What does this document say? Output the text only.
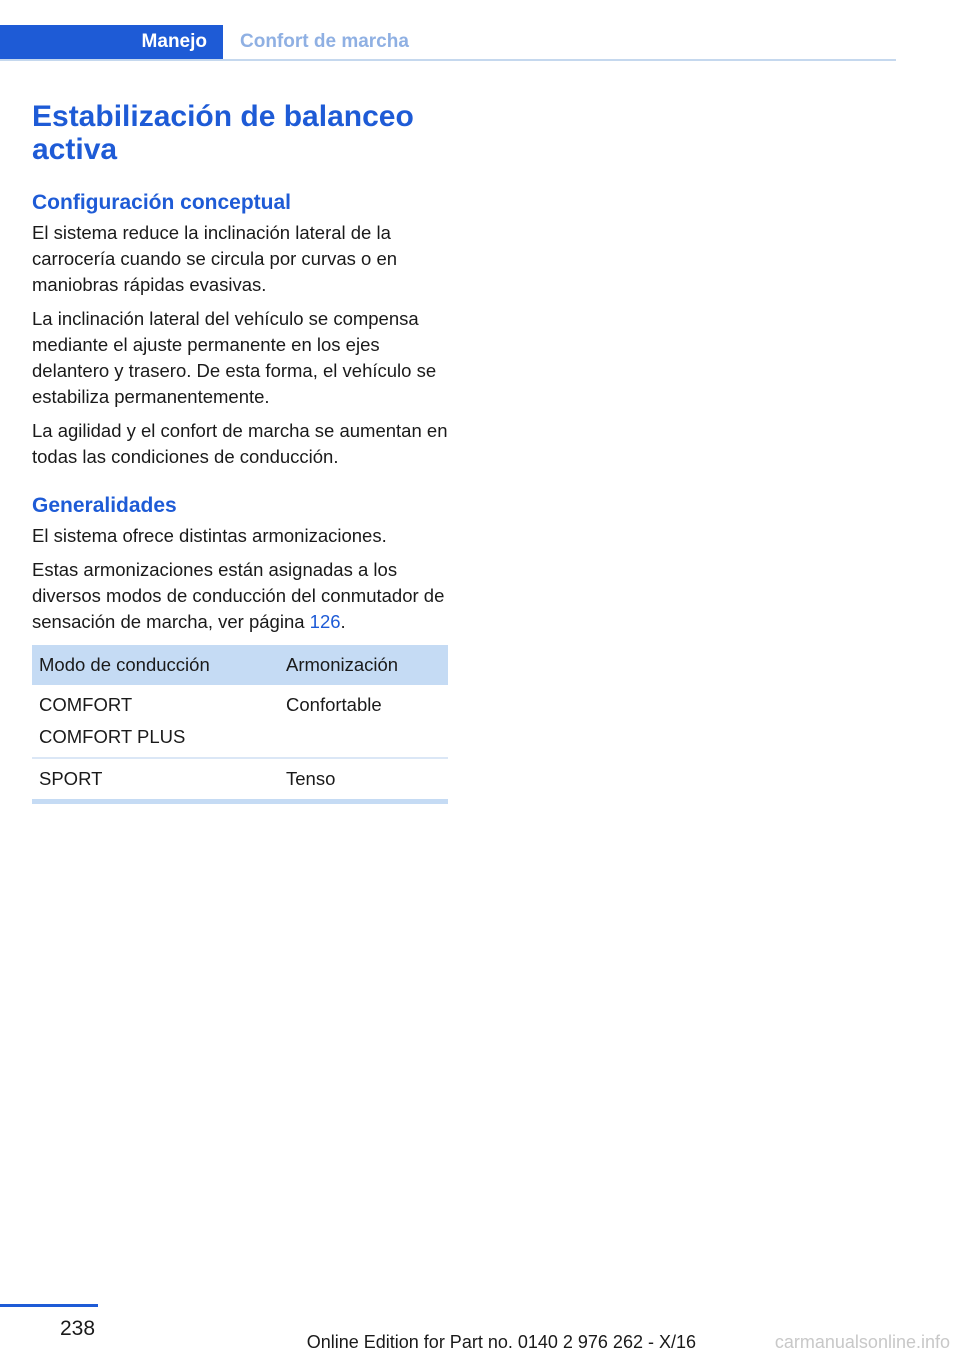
Manejo Confort de marcha
Estabilización de balanceo activa
Configuración conceptual

El sistema reduce la inclinación lateral de la carrocería cuando se circula por curvas o en maniobras rápidas evasivas.

La inclinación lateral del vehículo se compensa mediante el ajuste permanente en los ejes delantero y trasero. De esta forma, el vehículo se estabiliza permanentemente.

La agilidad y el confort de marcha se aumentan en todas las condiciones de conducción.

Generalidades

El sistema ofrece distintas armonizaciones.

Estas armonizaciones están asignadas a los diversos modos de conducción del conmutador de sensación de marcha, ver página 126.

Modo de conducción	Armonización

COMFORT
COMFORT PLUS	Confortable

SPORT	Tenso
238
Online Edition for Part no. 0140 2 976 262 - X/16	carmanualsonline.info
